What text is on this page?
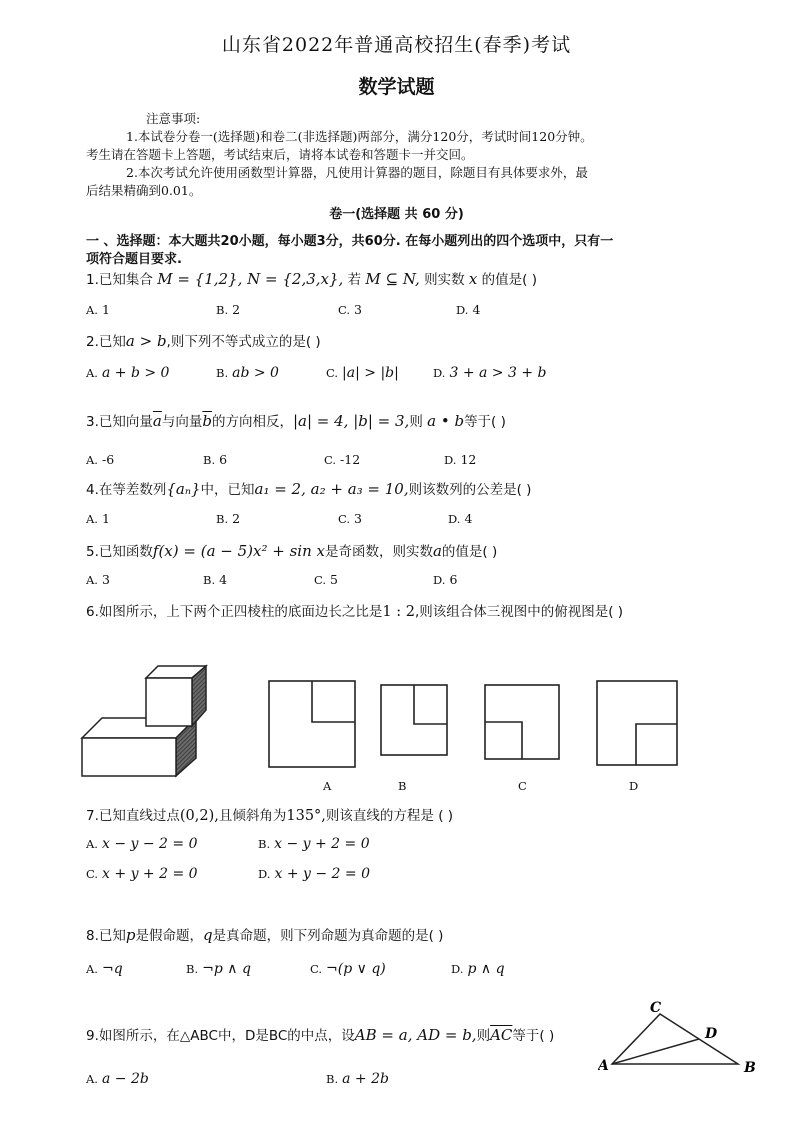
山东省2022年普通高校招生(春季)考试
数学试题
注意事项:
1.本试卷分卷一(选择题)和卷二(非选择题)两部分，满分120分，考试时间120分钟。
考生请在答题卡上答题，考试结束后，请将本试卷和答题卡一并交回。
2.本次考试允许使用函数型计算器，凡使用计算器的题目，除题目有具体要求外，最
后结果精确到0.01。
卷一(选择题 共 60 分)
一 、选择题：本大题共20小题，每小题3分，共60分. 在每小题列出的四个选项中，只有一
项符合题目要求.
1.已知集合 M = {1,2}, N = {2,3,x}, 若 M ⊆ N, 则实数 x 的值是( )
A. 1	B. 2	C. 3	D. 4
2.已知a > b,则下列不等式成立的是( )
A. a + b > 0	B. ab > 0	C. |a| > |b|	D. 3 + a > 3 + b
3.已知向量$\overline{a}$与向量$\overline{b}$的方向相反，|a| = 4, |b| = 3,则 a • b等于( )
A. -6	B. 6	C. -12	D. 12
4.在等差数列{aₙ}中，已知a₁ = 2, a₂ + a₃ = 10,则该数列的公差是( )
A. 1	B. 2	C. 3	D. 4
5.已知函数f(x) = (a − 5)x² + sin x是奇函数，则实数a的值是( )
A. 3	B. 4	C. 5	D. 6
6.如图所示，上下两个正四棱柱的底面边长之比是1 : 2,则该组合体三视图中的俯视图是( )
A	B	C	D
7.已知直线过点(0,2),且倾斜角为135°,则该直线的方程是 ( )
A. x − y − 2 = 0	B. x − y + 2 = 0
C. x + y + 2 = 0	D. x + y − 2 = 0
8.已知p是假命题，q是真命题，则下列命题为真命题的是( )
A. ¬q	B. ¬p ∧ q	C. ¬(p ∨ q)	D. p ∧ q
9.如图所示，在△ABC中，D是BC的中点，设AB = a, AD = b,则$\overline{AC}$等于( )
A. a − 2b	B. a + 2b
A
C
D
B
